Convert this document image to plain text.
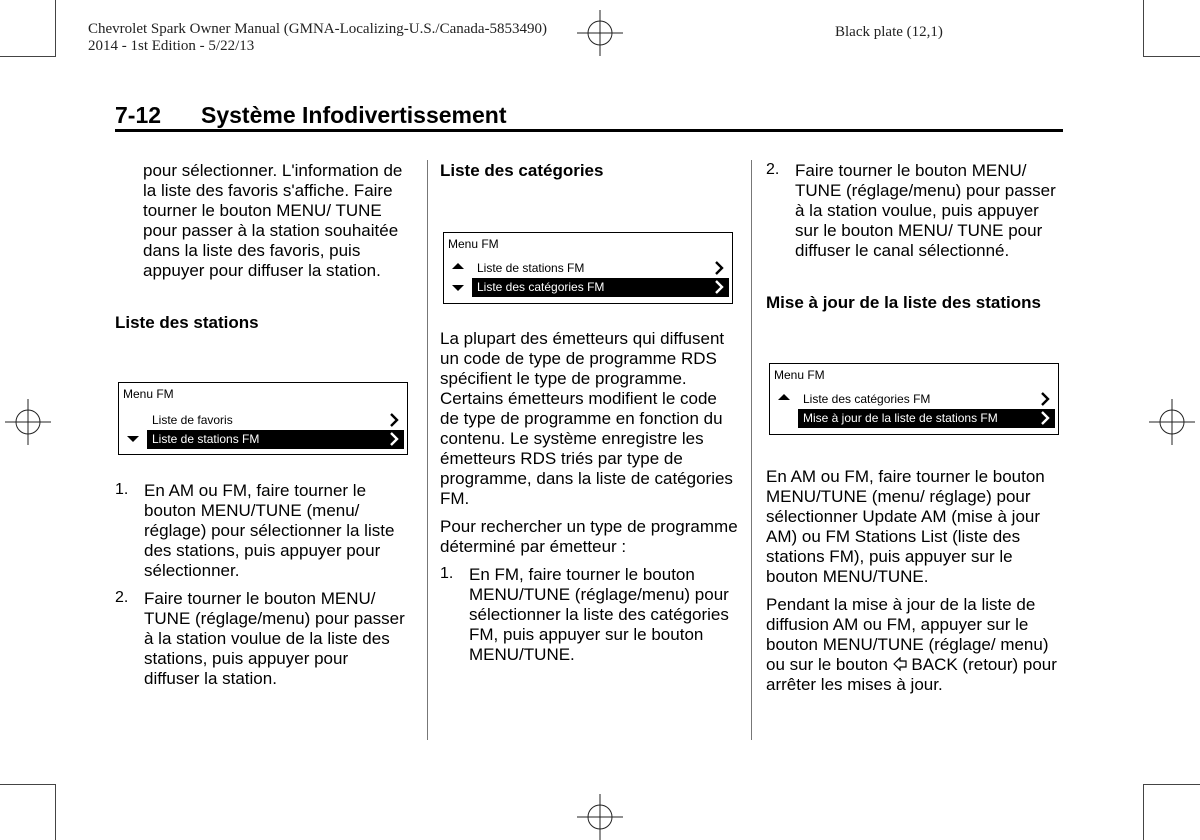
Chevrolet Spark Owner Manual (GMNA-Localizing-U.S./Canada-5853490)
2014 - 1st Edition - 5/22/13
Black plate (12,1)
7-12 Système Infodivertissement

pour sélectionner. L'information de la liste des favoris s'affiche. Faire tourner le bouton MENU/ TUNE pour passer à la station souhaitée dans la liste des favoris, puis appuyer pour diffuser la station.

Liste des stations
Menu FM
Liste de favoris
Liste de stations FM
1. En AM ou FM, faire tourner le bouton MENU/TUNE (menu/ réglage) pour sélectionner la liste des stations, puis appuyer pour sélectionner.

2. Faire tourner le bouton MENU/ TUNE (réglage/menu) pour passer à la station voulue de la liste des stations, puis appuyer pour diffuser la station.

Liste des catégories
Menu FM
Liste de stations FM
Liste des catégories FM

La plupart des émetteurs qui diffusent un code de type de programme RDS spécifient le type de programme. Certains émetteurs modifient le code de type de programme en fonction du contenu. Le système enregistre les émetteurs RDS triés par type de programme, dans la liste de catégories FM.

Pour rechercher un type de programme déterminé par émetteur :

1. En FM, faire tourner le bouton MENU/TUNE (réglage/menu) pour sélectionner la liste des catégories FM, puis appuyer sur le bouton MENU/TUNE.

2. Faire tourner le bouton MENU/ TUNE (réglage/menu) pour passer à la station voulue, puis appuyer sur le bouton MENU/ TUNE pour diffuser le canal sélectionné.

Mise à jour de la liste des stations
Menu FM
Liste des catégories FM
Mise à jour de la liste de stations FM

En AM ou FM, faire tourner le bouton MENU/TUNE (menu/ réglage) pour sélectionner Update AM (mise à jour AM) ou FM Stations List (liste des stations FM), puis appuyer sur le bouton MENU/TUNE.

Pendant la mise à jour de la liste de diffusion AM ou FM, appuyer sur le bouton MENU/TUNE (réglage/ menu) ou sur le bouton BACK (retour) pour arrêter les mises à jour.
